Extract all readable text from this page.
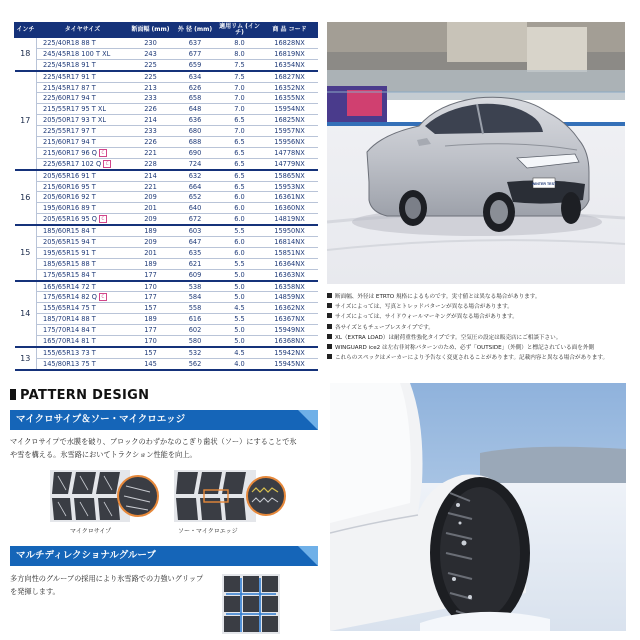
インチ	タイヤサイズ	断面幅 (mm)	外 径 (mm)	適用リム (インチ)	商 品 コード
18	225/40R18 88 T	230	637	8.0	16828NX
	245/45R18 100 T XL	243	677	8.0	16819NX
	225/45R18 91 T	225	659	7.5	16354NX
17	225/45R17 91 T	225	634	7.5	16827NX
	215/45R17 87 T	213	626	7.0	16352NX
	225/60R17 94 T	233	658	7.0	16355NX
	215/55R17 95 T XL	226	648	7.0	15954NX
	205/50R17 93 T XL	214	636	6.5	16825NX
	225/55R17 97 T	233	680	7.0	15957NX
	215/60R17 94 T	226	688	6.5	15956NX
	215/60R17 96 Q C	221	690	6.5	14778NX
	225/65R17 102 Q C	228	724	6.5	14779NX
16	205/65R16 91 T	214	632	6.5	15865NX
	215/60R16 95 T	221	664	6.5	15953NX
	205/60R16 92 T	209	652	6.0	16361NX
	195/60R16 89 T	201	640	6.0	16360NX
	205/65R16 95 Q C	209	672	6.0	14819NX
15	185/60R15 84 T	189	603	5.5	15950NX
	205/65R15 94 T	209	647	6.0	16814NX
	195/65R15 91 T	201	635	6.0	15851NX
	185/65R15 88 T	189	621	5.5	16364NX
	175/65R15 84 T	177	609	5.0	16363NX
14	165/65R14 72 T	170	538	5.0	16358NX
	175/65R14 82 Q C	177	584	5.0	14859NX
	155/65R14 75 T	157	558	4.5	16362NX
	185/70R14 88 T	189	616	5.5	16367NX
	175/70R14 84 T	177	602	5.0	15949NX
	165/70R14 81 T	170	580	5.0	16368NX
13	155/65R13 73 T	157	532	4.5	15942NX
	145/80R13 75 T	145	562	4.0	15945NX
WINTER TEST
断面幅、外径は ETRTO 規格によるものです。実寸値とは異なる場合があります。
サイズによっては、写真とトレッドパターンが異なる場合があります。
サイズによっては、サイドウォールマーキングが異なる場合があります。
各サイズともチューブレスタイプです。
XL（EXTRA LOAD）は耐荷重性強化タイプです。空気圧の設定は販売店にご相談下さい。
WINGUARD ice2 は左右非対称パターンのため、必ず「OUTSIDE」（外側）と標記されている面を外側
これらのスペックはメーカーにより予告なく変更されることがあります。記載内容と異なる場合があります。
PATTERN DESIGN
マイクロサイプ＆ソー・マイクロエッジ
マイクロサイプで水膜を破り、ブロックのわずかなのこぎり歯状（ソー）にすることで氷
や雪を構える。氷雪路においてトラクション性能を向上。
マイクロサイプ	ソー・マイクロエッジ
マルチディレクショナルグルーブ
多方向性のグルーブの採用により氷雪路での力強いグリップ
を発揮します。
